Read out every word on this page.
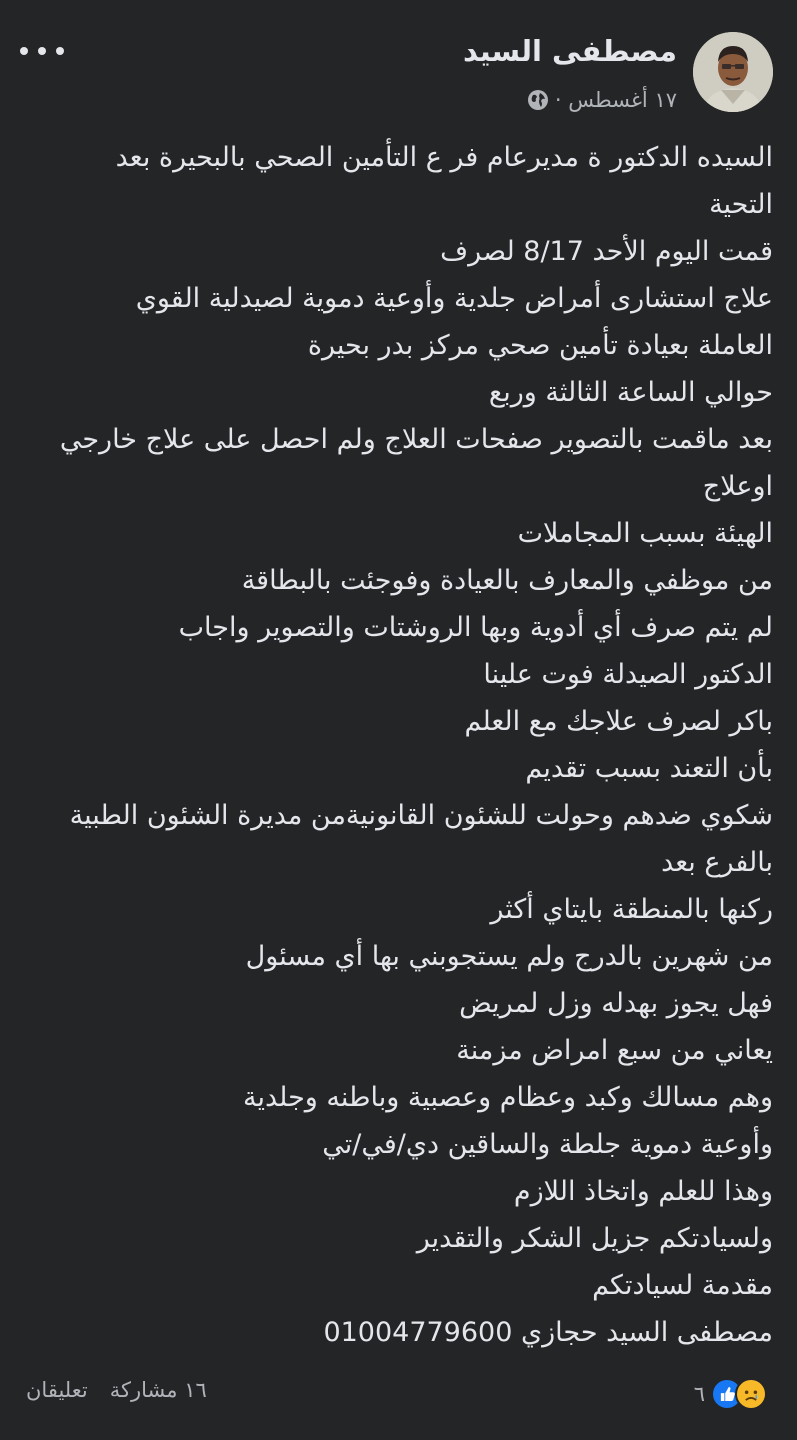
مصطفى السيد
١٧ أغسطس ·
السيده الدكتور ة مديرعام فر ع التأمين الصحي بالبحيرة بعد
التحية
قمت اليوم الأحد 8/17 لصرف
علاج استشارى أمراض جلدية وأوعية دموية لصيدلية القوي
العاملة بعيادة تأمين صحي مركز بدر بحيرة
حوالي الساعة الثالثة وربع
بعد ماقمت بالتصوير صفحات العلاج ولم احصل على علاج خارجي
اوعلاج
الهيئة بسبب المجاملات
من موظفي والمعارف بالعيادة وفوجئت بالبطاقة
لم يتم صرف أي أدوية وبها الروشتات والتصوير واجاب
الدكتور الصيدلة فوت علينا
باكر لصرف علاجك مع العلم
بأن التعند بسبب تقديم
شكوي ضدهم وحولت للشئون القانونيةمن مديرة الشئون الطبية
بالفرع بعد
ركنها بالمنطقة بايتاي أكثر
من شهرين بالدرج ولم يستجوبني بها أي مسئول
فهل يجوز بهدله وزل لمريض
يعاني من سبع امراض مزمنة
وهم مسالك وكبد وعظام وعصبية وباطنه وجلدية
وأوعية دموية جلطة والساقين دي/في/تي
وهذا للعلم واتخاذ اللازم
ولسيادتكم جزيل الشكر والتقدير
مقدمة لسيادتكم
مصطفى السيد حجازي 01004779600
٦
تعليقان ١٦ مشاركة
